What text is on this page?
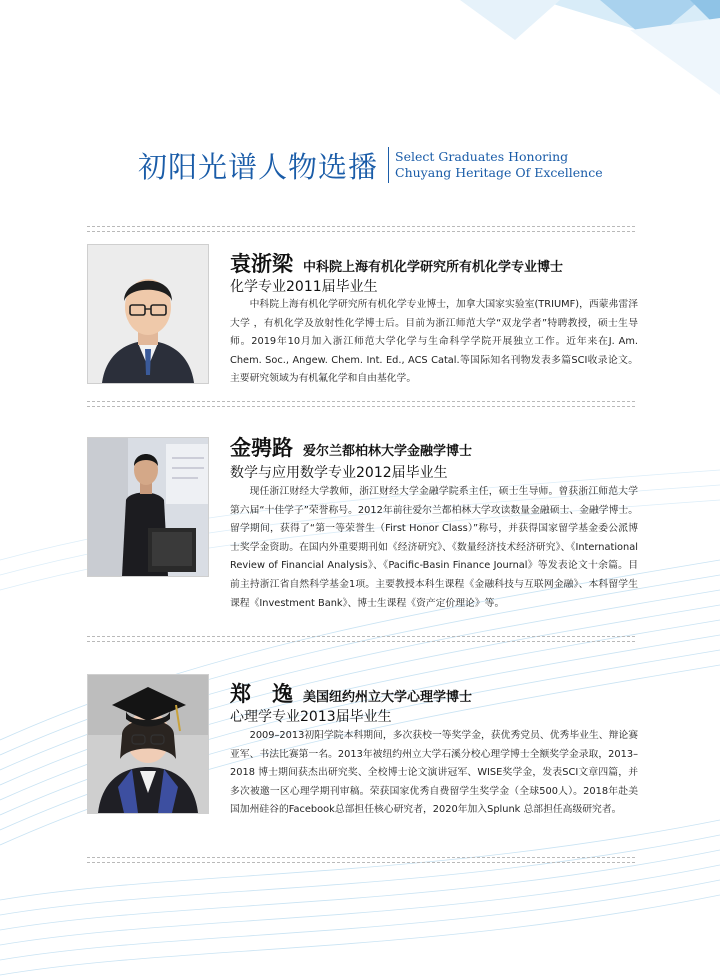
初阳光谱人物选播 Select Graduates Honoring
Chuyang Heritage Of Excellence
袁浙梁 中科院上海有机化学研究所有机化学专业博士
化学专业2011届毕业生

中科院上海有机化学研究所有机化学专业博士，加拿大国家实验室(TRIUMF)，西蒙弗雷泽大学 ，有机化学及放射性化学博士后。目前为浙江师范大学“双龙学者”特聘教授，硕士生导师。2019年10月加入浙江师范大学化学与生命科学学院开展独立工作。近年来在J. Am. Chem. Soc., Angew. Chem. Int. Ed., ACS Catal.等国际知名刊物发表多篇SCI收录论文。主要研究领域为有机氟化学和自由基化学。

金骋路 爱尔兰都柏林大学金融学博士
数学与应用数学专业2012届毕业生

现任浙江财经大学教师，浙江财经大学金融学院系主任，硕士生导师。曾获浙江师范大学第六届“十佳学子”荣誉称号。2012年前往爱尔兰都柏林大学攻读数量金融硕士、金融学博士。留学期间，获得了“第一等荣誉生（First Honor Class）”称号，并获得国家留学基金委公派博士奖学金资助。在国内外重要期刊如《经济研究》、《数量经济技术经济研究》、《International Review of Financial Analysis》、《Pacific-Basin Finance Journal》等发表论文十余篇。目前主持浙江省自然科学基金1项。主要教授本科生课程《金融科技与互联网金融》、本科留学生课程《Investment Bank》、博士生课程《资产定价理论》等。

郑　逸 美国纽约州立大学心理学博士
心理学专业2013届毕业生

2009–2013初阳学院本科期间，多次获校一等奖学金，获优秀党员、优秀毕业生、辩论赛亚军、书法比赛第一名。2013年被纽约州立大学石溪分校心理学博士全额奖学金录取，2013–2018 博士期间获杰出研究奖、全校博士论文演讲冠军、WISE奖学金，发表SCI文章四篇，并多次被邀一区心理学期刊审稿。荣获国家优秀自费留学生奖学金（全球500人）。2018年赴美国加州硅谷的Facebook总部担任核心研究者，2020年加入Splunk 总部担任高级研究者。
